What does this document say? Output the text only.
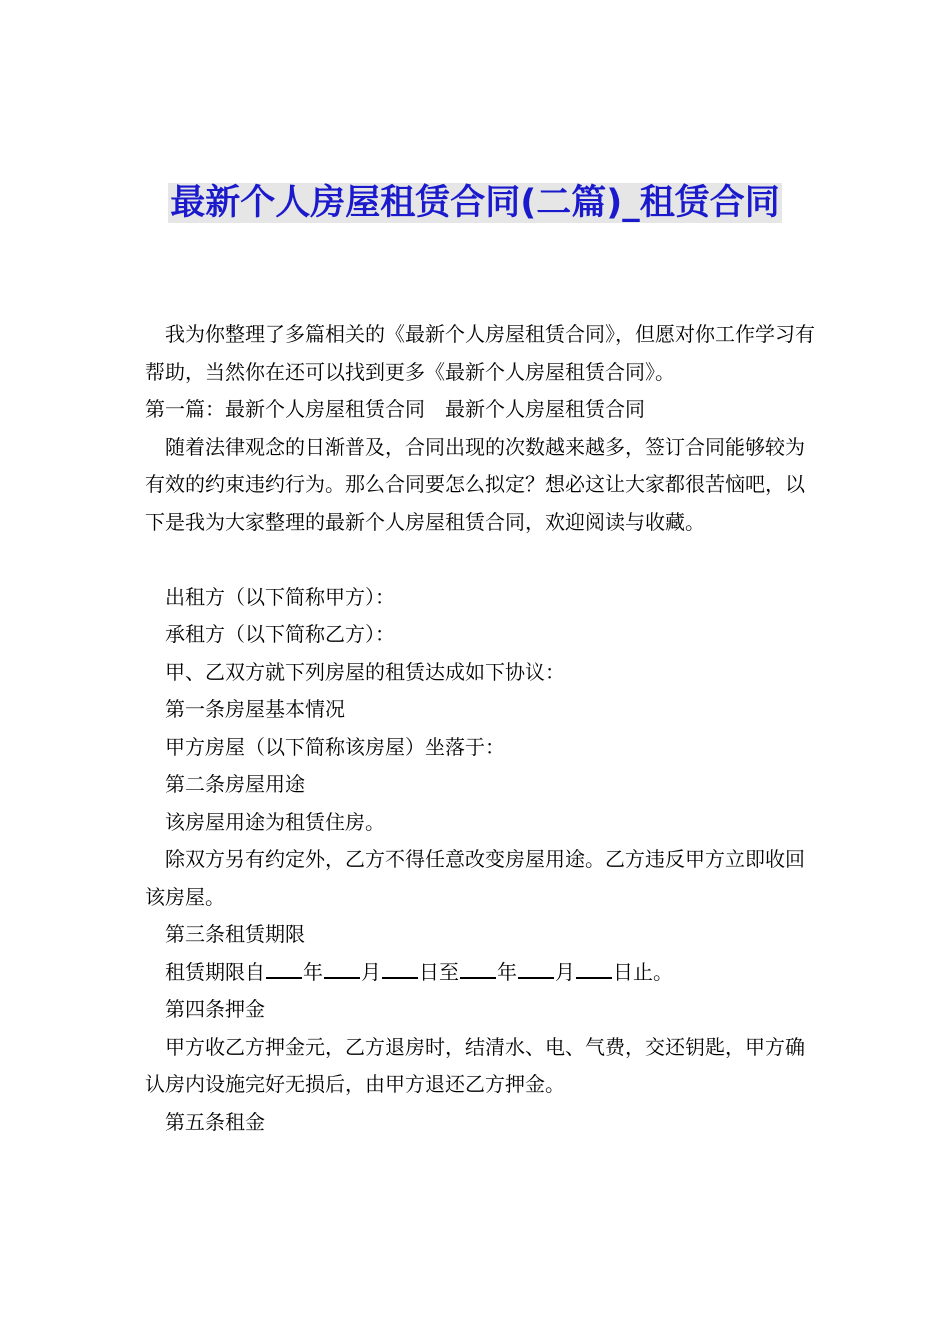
最新个人房屋租赁合同(二篇)_租赁合同

我为你整理了多篇相关的《最新个人房屋租赁合同》，但愿对你工作学习有帮助，当然你在还可以找到更多《最新个人房屋租赁合同》。

第一篇：最新个人房屋租赁合同　最新个人房屋租赁合同

随着法律观念的日渐普及，合同出现的次数越来越多，签订合同能够较为有效的约束违约行为。那么合同要怎么拟定？想必这让大家都很苦恼吧，以下是我为大家整理的最新个人房屋租赁合同，欢迎阅读与收藏。

出租方（以下简称甲方）：

承租方（以下简称乙方）：

甲、乙双方就下列房屋的租赁达成如下协议：

第一条房屋基本情况

甲方房屋（以下简称该房屋）坐落于：

第二条房屋用途

该房屋用途为租赁住房。

除双方另有约定外，乙方不得任意改变房屋用途。乙方违反甲方立即收回该房屋。

第三条租赁期限

租赁期限自 年 月 日至 年 月 日止。

第四条押金

甲方收乙方押金元，乙方退房时，结清水、电、气费，交还钥匙，甲方确认房内设施完好无损后，由甲方退还乙方押金。

第五条租金
